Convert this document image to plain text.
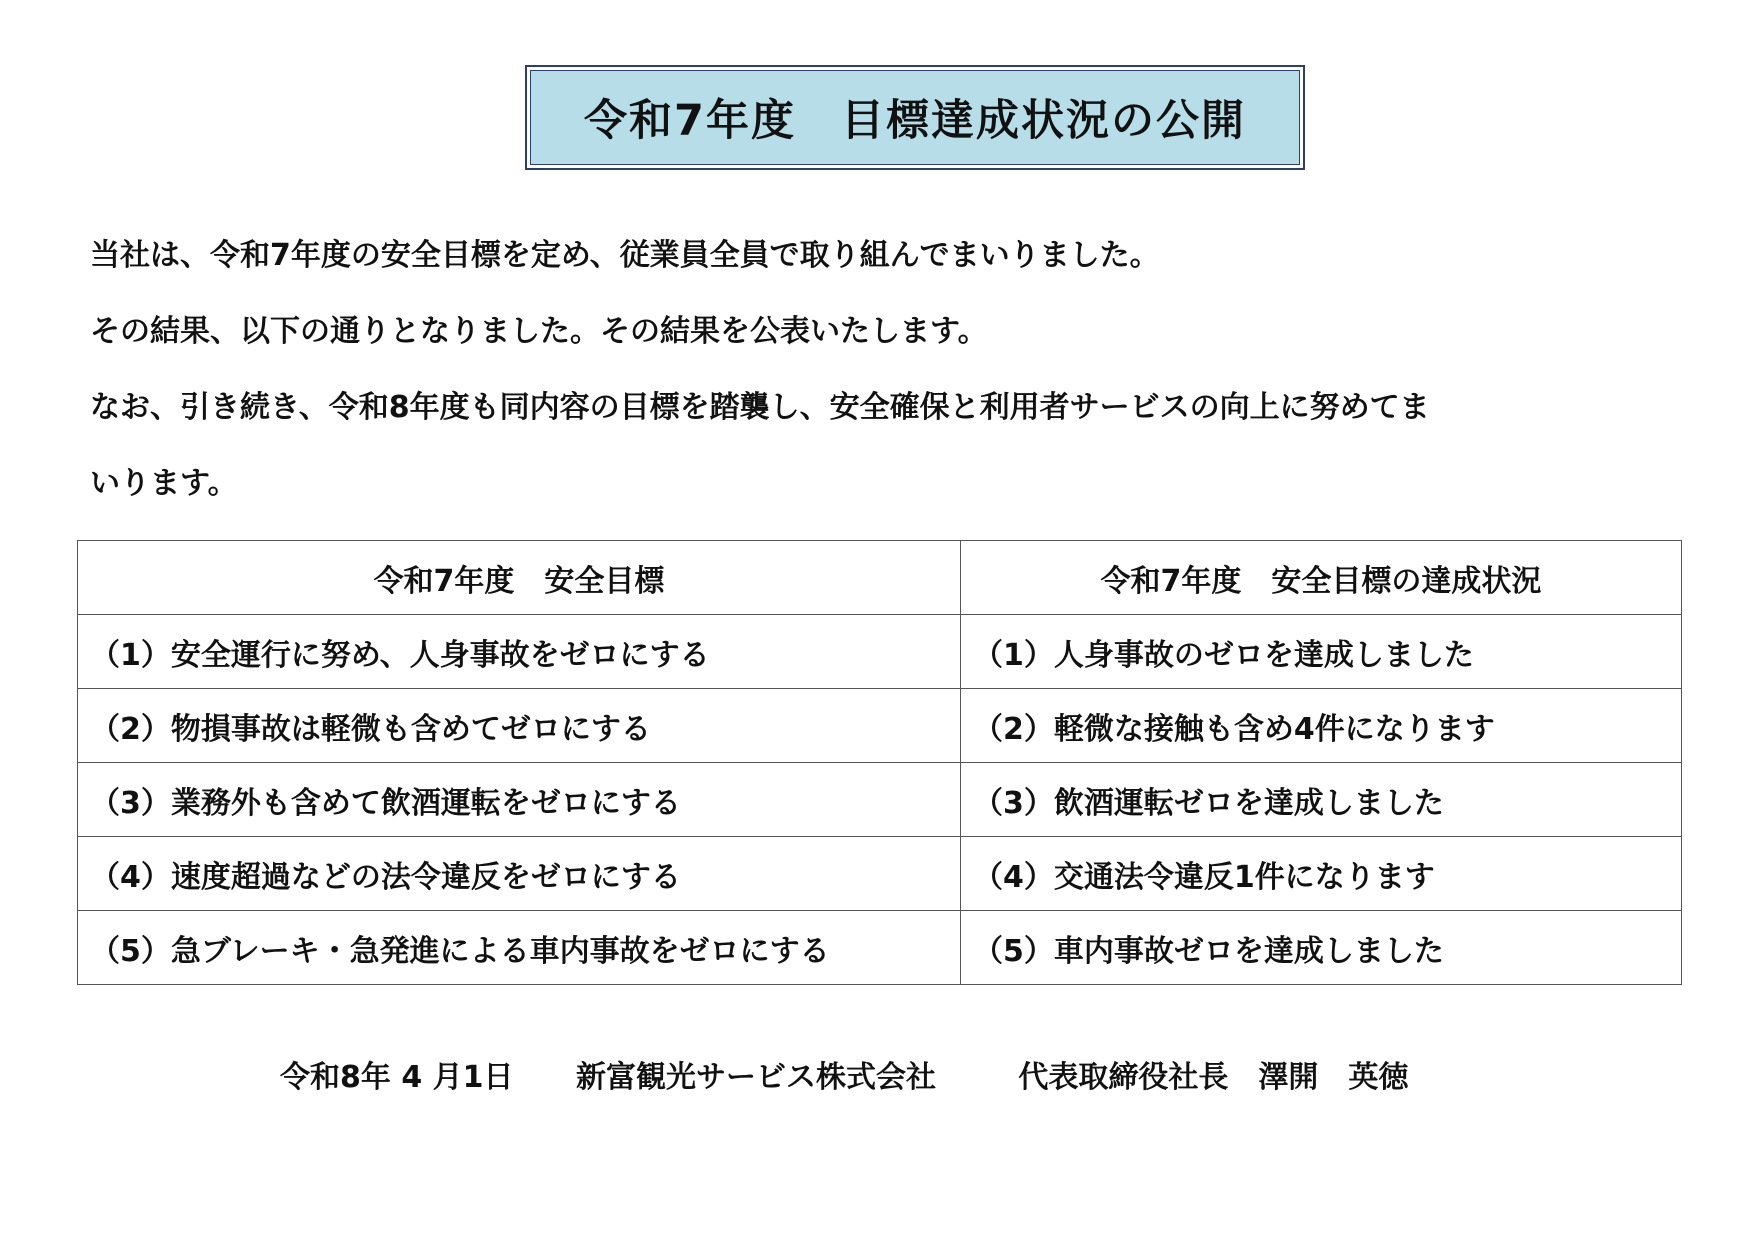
令和7年度　目標達成状況の公開

当社は、令和7年度の安全目標を定め、従業員全員で取り組んでまいりました。

その結果、以下の通りとなりました。その結果を公表いたします。

なお、引き続き、令和8年度も同内容の目標を踏襲し、安全確保と利用者サービスの向上に努めてま

いります。

令和7年度　安全目標	令和7年度　安全目標の達成状況
（1）安全運行に努め、人身事故をゼロにする	（1）人身事故のゼロを達成しました
（2）物損事故は軽微も含めてゼロにする	（2）軽微な接触も含め4件になります
（3）業務外も含めて飲酒運転をゼロにする	（3）飲酒運転ゼロを達成しました
（4）速度超過などの法令違反をゼロにする	（4）交通法令違反1件になります
（5）急ブレーキ・急発進による車内事故をゼロにする	（5）車内事故ゼロを達成しました
令和8年 4 月1日 新富観光サービス株式会社	代表取締役社長　澤開　英徳
